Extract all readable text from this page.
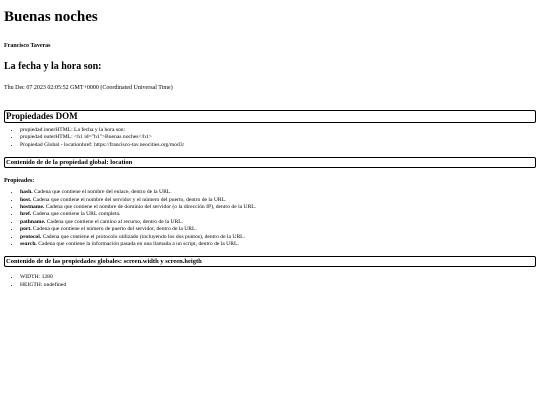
Buenas noches

Francisco Taveras

La fecha y la hora son:

Thu Dec 07 2023 02:05:52 GMT+0000 (Coordinated Universal Time)

Propiedades DOM
• propiedad innerHTML: La fecha y la hora son:
• propiedad outerHTML: <h1 id="h1">Buenas noches</h1>
• Propiedad Global - locationhref: https://francisco-tav.neocities.org/mod3/
Contenido de de la propiedad global: location

Propieades:

• hash. Cadena que contiene el nombre del enlace, dentro de la URL.
• host. Cadena que contiene el nombre del servidor y el número del puerto, dentro de la URL.
• hostname. Cadena que contiene el nombre de dominio del servidor (o la dirección IP), dentro de la URL.
• href. Cadena que contiene la URL completa.
• pathname. Cadena que contiene el camino al recurso, dentro de la URL.
• port. Cadena que contiene el número de puerto del servidor, dentro de la URL.
• protocol. Cadena que contiene el protocolo utilizado (incluyendo los dos puntos), dentro de la URL.
• search. Cadena que contiene la información pasada en una llamada a un script, dentro de la URL.
Contenido de de las propiedades globales: screen.width y screen.heigth
• WIDTH: 1280
• HEIGTH: undefined
